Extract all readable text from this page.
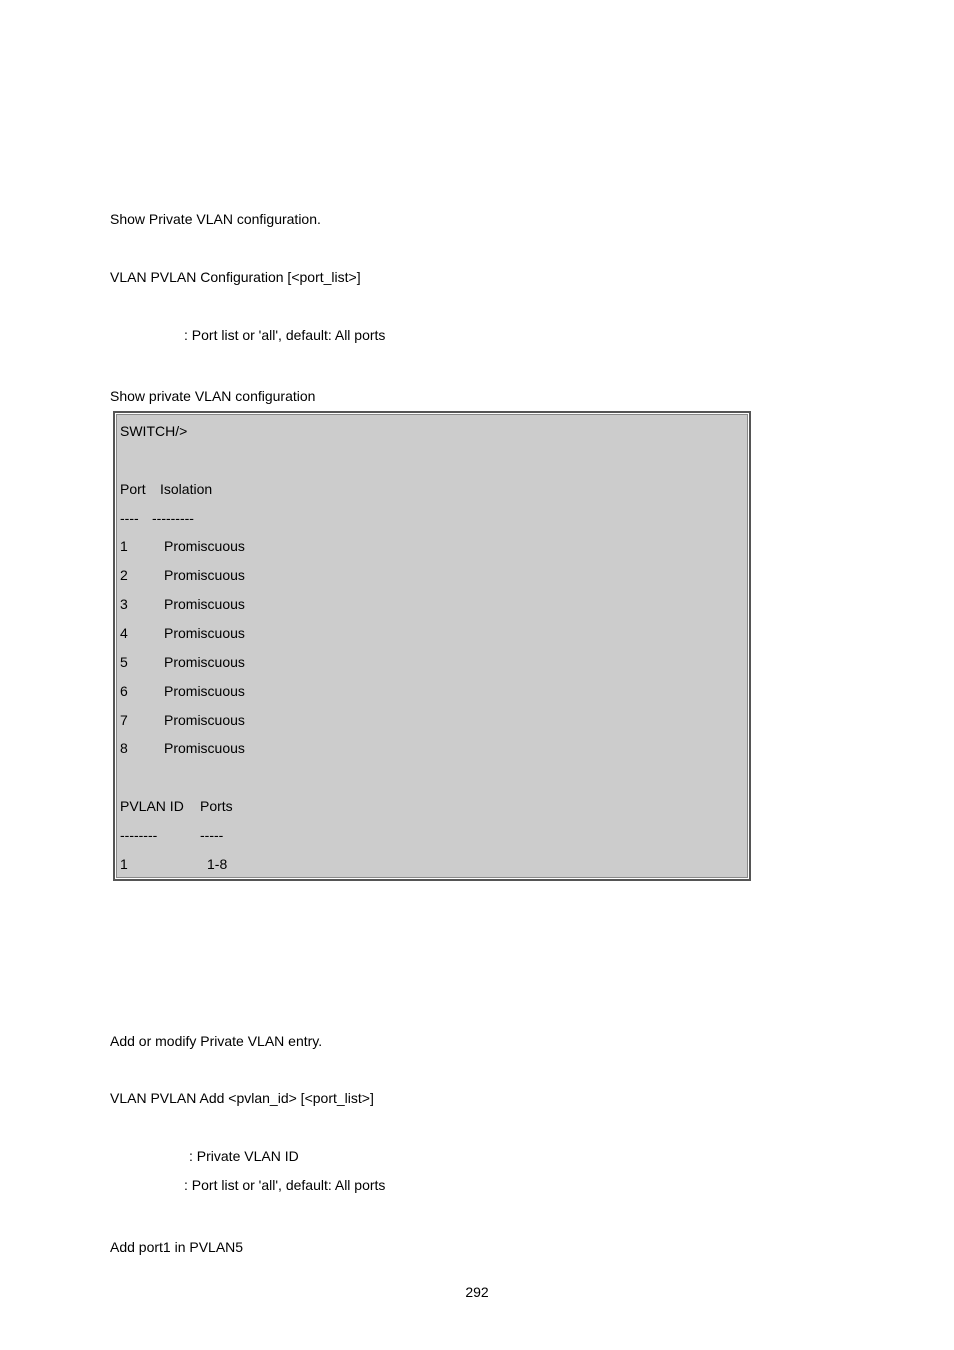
Show Private VLAN configuration.
VLAN PVLAN Configuration [<port_list>]
: Port list or 'all', default: All ports
Show private VLAN configuration
SWITCH/>
Port Isolation
---- ---------
1	Promiscuous
2	Promiscuous
3	Promiscuous
4	Promiscuous
5	Promiscuous
6	Promiscuous
7	Promiscuous
8	Promiscuous
PVLAN ID Ports
--------	-----
1	1-8
Add or modify Private VLAN entry.
VLAN PVLAN Add <pvlan_id> [<port_list>]
: Private VLAN ID
: Port list or 'all', default: All ports
Add port1 in PVLAN5
292
